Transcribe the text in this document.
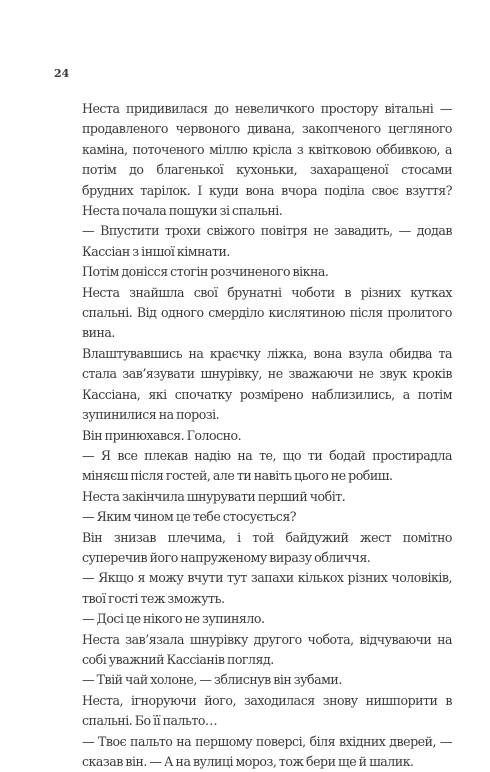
24

Неста придивилася до невеличкого простору вітальні — продавленого червоного дивана, закопченого цегляного каміна, поточеного міллю крісла з квітковою оббивкою, а потім до благенької кухоньки, захаращеної стосами брудних тарілок. І куди вона вчора поділа своє взуття? Неста почала пошуки зі спальні.

— Впустити трохи свіжого повітря не завадить, — додав Кассіан з іншої кімнати.

Потім донісся стогін розчиненого вікна.

Неста знайшла свої брунатні чоботи в різних кутках спальні. Від одного смерділо кислятиною після пролитого вина.

Влаштувавшись на краєчку ліжка, вона взула обидва та стала зав’язувати шнурівку, не зважаючи не звук кроків Кассіана, які спочатку розмірено наблизились, а потім зупинилися на порозі.

Він принюхався. Голосно.

— Я все плекав надію на те, що ти бодай простирадла міняєш після гостей, але ти навіть цього не робиш.

Неста закінчила шнурувати перший чобіт.

— Яким чином це тебе стосується?

Він знизав плечима, і той байдужий жест помітно суперечив його напруженому виразу обличчя.

— Якщо я можу вчути тут запахи кількох різних чоловіків, твої гості теж зможуть.

— Досі це нікого не зупиняло.

Неста зав’язала шнурівку другого чобота, відчуваючи на собі уважний Кассіанів погляд.

— Твій чай холоне, — зблиснув він зубами.

Неста, ігноруючи його, заходилася знову нишпорити в спальні. Бо її пальто…

— Твоє пальто на першому поверсі, біля вхідних дверей, — сказав він. — А на вулиці мороз, тож бери ще й шалик.
